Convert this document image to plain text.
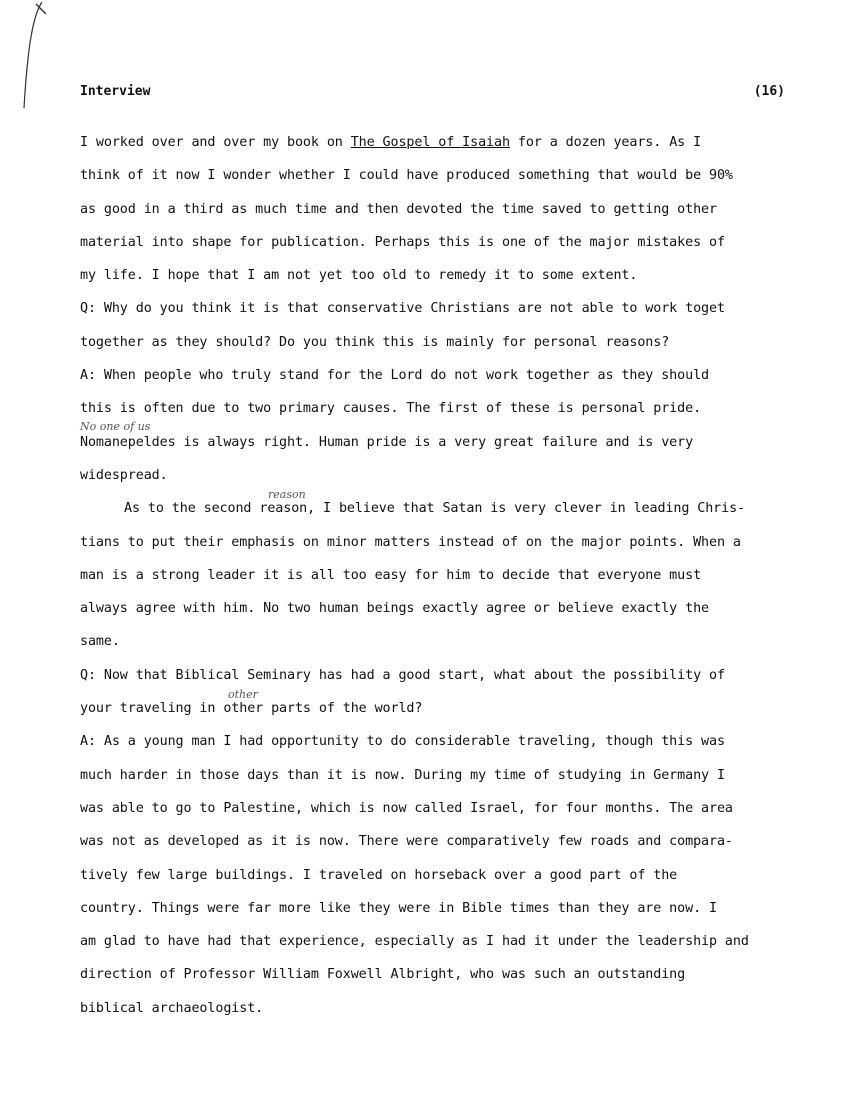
Interview	(16)
No one of us
reason
other
I worked over and over my book on The Gospel of Isaiah for a dozen years. As I
think of it now I wonder whether I could have produced something that would be 90%
as good in a third as much time and then devoted the time saved to getting other
material into shape for publication. Perhaps this is one of the major mistakes of
my life. I hope that I am not yet too old to remedy it to some extent.
Q: Why do you think it is that conservative Christians are not able to work toget
together as they should? Do you think this is mainly for personal reasons?
A: When people who truly stand for the Lord do not work together as they should
this is often due to two primary causes. The first of these is personal pride.
Nomanepeldes is always right. Human pride is a very great failure and is very
widespread.
As to the second reason, I believe that Satan is very clever in leading Chris-
tians to put their emphasis on minor matters instead of on the major points. When a
man is a strong leader it is all too easy for him to decide that everyone must
always agree with him. No two human beings exactly agree or believe exactly the
same.
Q: Now that Biblical Seminary has had a good start, what about the possibility of
your traveling in other parts of the world?
A: As a young man I had opportunity to do considerable traveling, though this was
much harder in those days than it is now. During my time of studying in Germany I
was able to go to Palestine, which is now called Israel, for four months. The area
was not as developed as it is now. There were comparatively few roads and compara-
tively few large buildings. I traveled on horseback over a good part of the
country. Things were far more like they were in Bible times than they are now. I
am glad to have had that experience, especially as I had it under the leadership and
direction of Professor William Foxwell Albright, who was such an outstanding
biblical archaeologist.
